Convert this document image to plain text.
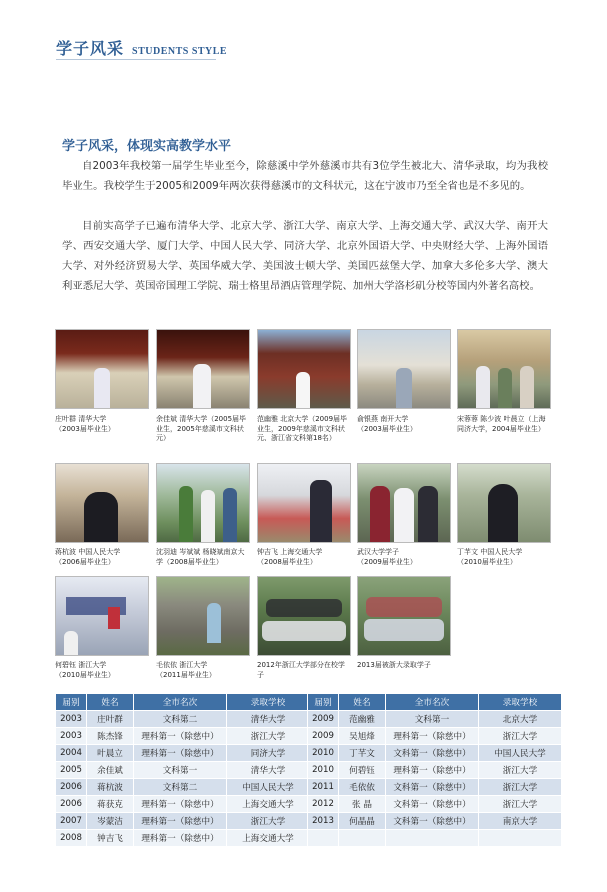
学子风采 STUDENTS STYLE
学子风采，体现实高教学水平
自2003年我校第一届学生毕业至今，除慈溪中学外慈溪市共有3位学生被北大、清华录取，均为我校毕业生。我校学生于2005和2009年两次获得慈溪市的文科状元，这在宁波市乃至全省也是不多见的。
目前实高学子已遍布清华大学、北京大学、浙江大学、南京大学、上海交通大学、武汉大学、南开大学、西安交通大学、厦门大学、中国人民大学、同济大学、北京外国语大学、中央财经大学、上海外国语大学、对外经济贸易大学、英国华威大学、美国波士顿大学、美国匹兹堡大学、加拿大多伦多大学、澳大利亚悉尼大学、英国帝国理工学院、瑞士格里昂酒店管理学院、加州大学洛杉矶分校等国内外著名高校。
庄叶群 清华大学
（2003届毕业生）
余佳斌 清华大学（2005届毕业生，2005年慈溪市文科状元）
范幽雅 北京大学（2009届毕业生，2009年慈溪市文科状元、浙江省文科第18名）
俞银燕 南开大学
（2003届毕业生）
宋蓉蓉 陈少波 叶晨立（上海同济大学，2004届毕业生）
蒋杭波 中国人民大学
（2006届毕业生）
沈羽迪 岑斌斌 杨晓斌南京大学（2008届毕业生）
钟吉飞 上海交通大学
（2008届毕业生）
武汉大学学子
（2009届毕业生）
丁芊文 中国人民大学
（2010届毕业生）
何碧钰 浙江大学
（2010届毕业生）
毛依依 浙江大学
（2011届毕业生）
2012年浙江大学部分在校学子
2013届被浙大录取学子
届别	姓名	全市名次	录取学校
2003	庄叶群	文科第二	清华大学
2003	陈杰锋	理科第一（除慈中）	浙江大学
2004	叶晨立	理科第一（除慈中）	同济大学
2005	余佳斌	文科第一	清华大学
2006	蒋杭波	文科第二	中国人民大学
2006	蒋获克	理科第一（除慈中）	上海交通大学
2007	岑蒙洁	理科第一（除慈中）	浙江大学
2008	钟吉飞	理科第一（除慈中）	上海交通大学
届别	姓名	全市名次	录取学校
2009	范幽雅	文科第一	北京大学
2009	吴旭烽	理科第一（除慈中）	浙江大学
2010	丁芊文	文科第一（除慈中）	中国人民大学
2010	何碧钰	理科第一（除慈中）	浙江大学
2011	毛依依	文科第一（除慈中）	浙江大学
2012	张 晶	文科第一（除慈中）	浙江大学
2013	何晶晶	文科第一（除慈中）	南京大学
